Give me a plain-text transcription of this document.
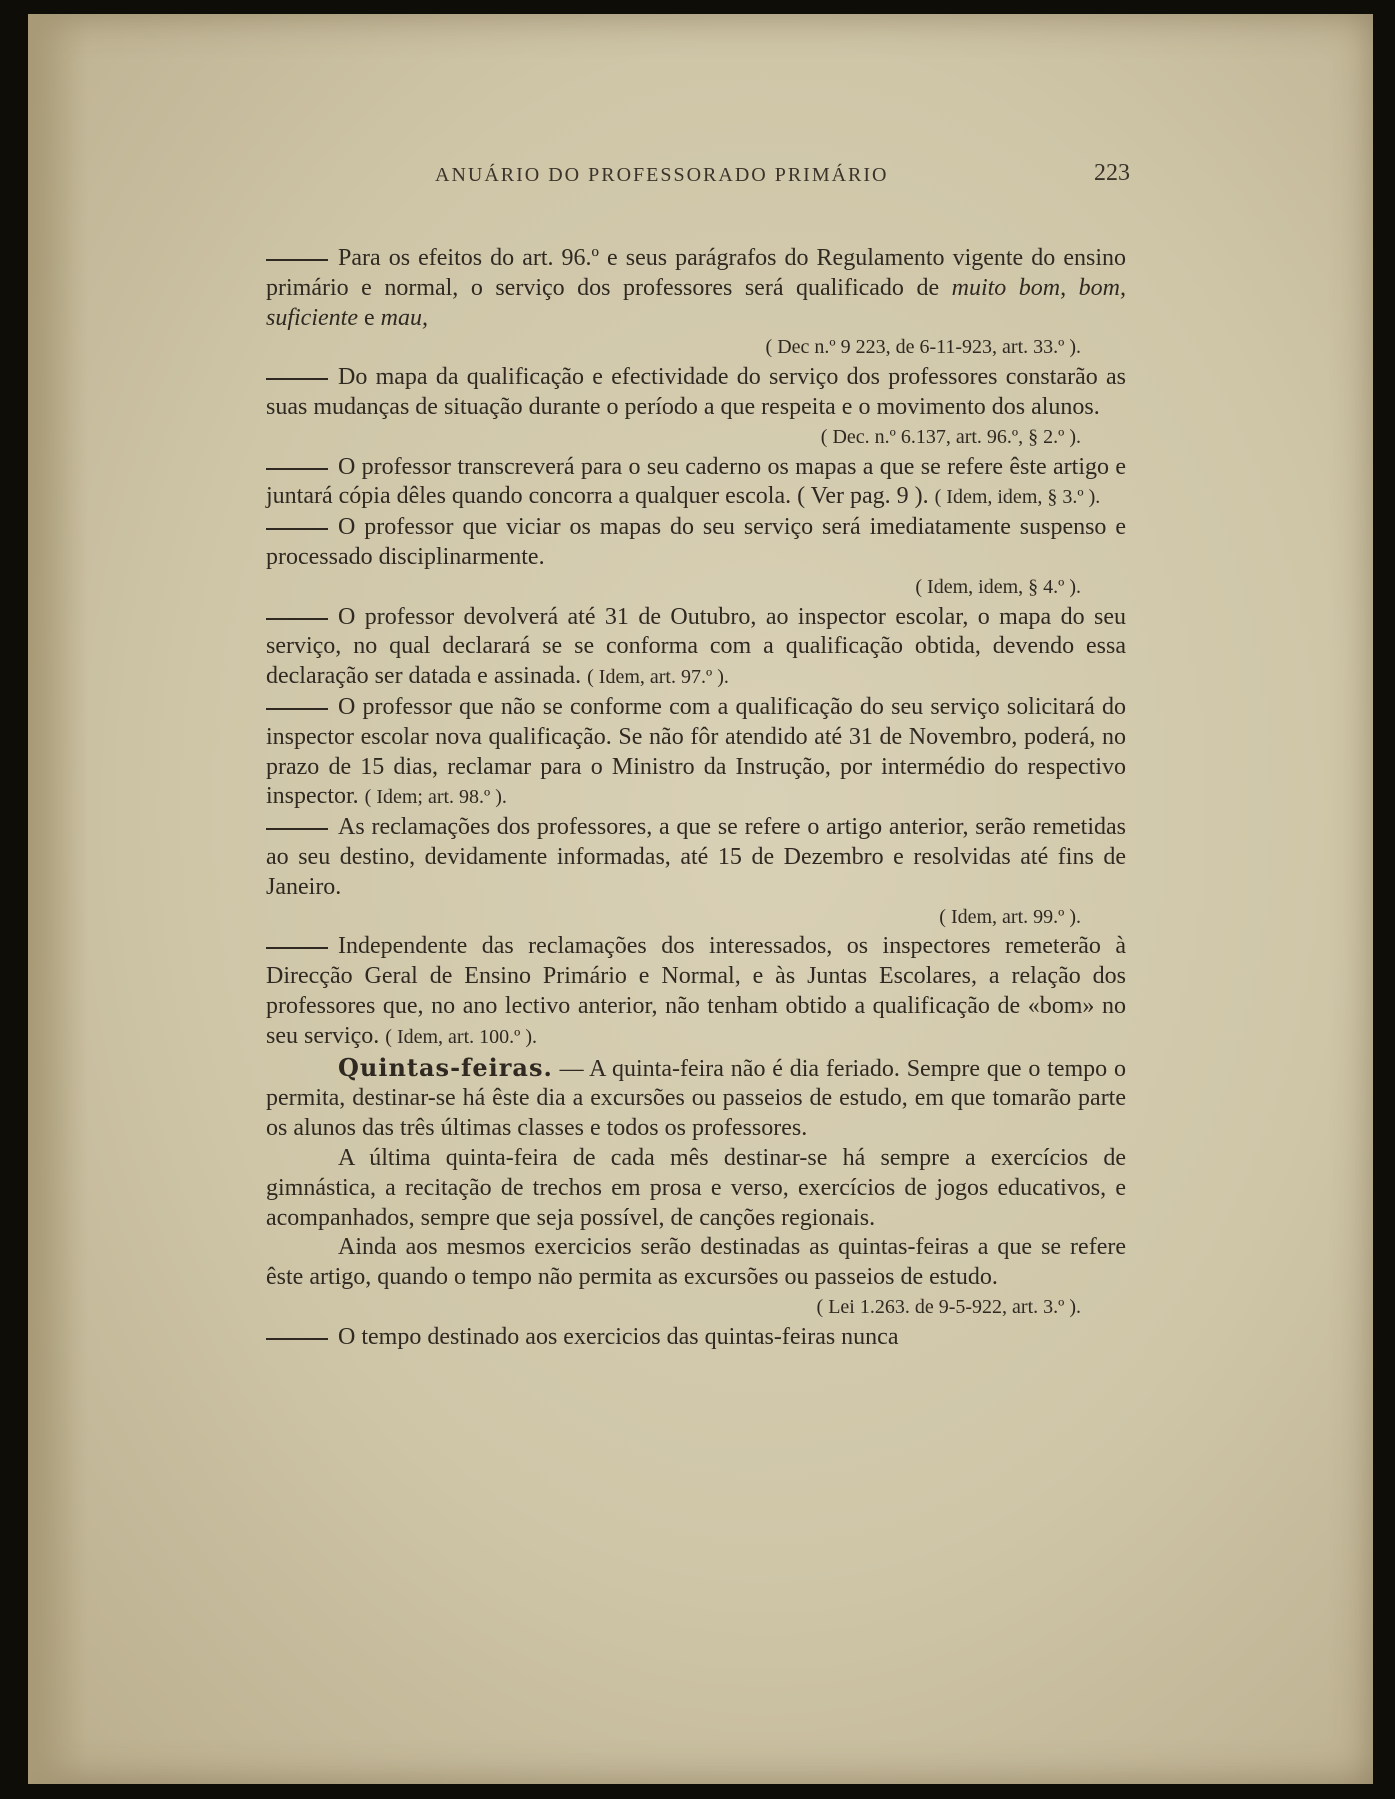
ANUÁRIO DO PROFESSORADO PRIMÁRIO	223

Para os efeitos do art. 96.º e seus parágrafos do Regulamento vigente do ensino primário e normal, o serviço dos professores será qualificado de muito bom, bom, suficiente e mau,

( Dec n.º 9 223, de 6-11-923, art. 33.º ).

Do mapa da qualificação e efectividade do serviço dos professores constarão as suas mudanças de situação durante o período a que respeita e o movimento dos alunos.

( Dec. n.º 6.137, art. 96.º, § 2.º ).

O professor transcreverá para o seu caderno os mapas a que se refere êste artigo e juntará cópia dêles quando concorra a qualquer escola. ( Ver pag. 9 ). ( Idem, idem, § 3.º ).

O professor que viciar os mapas do seu serviço será imediatamente suspenso e processado disciplinarmente.

( Idem, idem, § 4.º ).

O professor devolverá até 31 de Outubro, ao inspector escolar, o mapa do seu serviço, no qual declarará se se conforma com a qualificação obtida, devendo essa declaração ser datada e assinada. ( Idem, art. 97.º ).

O professor que não se conforme com a qualificação do seu serviço solicitará do inspector escolar nova qualificação. Se não fôr atendido até 31 de Novembro, poderá, no prazo de 15 dias, reclamar para o Ministro da Instrução, por intermédio do respectivo inspector. ( Idem; art. 98.º ).

As reclamações dos professores, a que se refere o artigo anterior, serão remetidas ao seu destino, devidamente informadas, até 15 de Dezembro e resolvidas até fins de Janeiro.

( Idem, art. 99.º ).

Independente das reclamações dos interessados, os inspectores remeterão à Direcção Geral de Ensino Primário e Normal, e às Juntas Escolares, a relação dos professores que, no ano lectivo anterior, não tenham obtido a qualificação de «bom» no seu serviço. ( Idem, art. 100.º ).

Quintas-feiras. — A quinta-feira não é dia feriado. Sempre que o tempo o permita, destinar-se há êste dia a excursões ou passeios de estudo, em que tomarão parte os alunos das três últimas classes e todos os professores.

A última quinta-feira de cada mês destinar-se há sempre a exercícios de gimnástica, a recitação de trechos em prosa e verso, exercícios de jogos educativos, e acompanhados, sempre que seja possível, de canções regionais.

Ainda aos mesmos exercicios serão destinadas as quintas-feiras a que se refere êste artigo, quando o tempo não permita as excursões ou passeios de estudo.

( Lei 1.263. de 9-5-922, art. 3.º ).

O tempo destinado aos exercicios das quintas-feiras nunca
